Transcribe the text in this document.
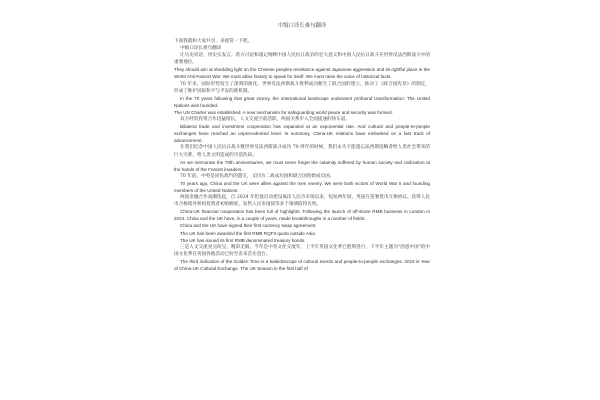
中级口译长难句翻译

下面我就和大家共享，来观赏一下吧。

中级口译长难句翻译

让历史说话，用史实发言。希方讨论和谨记阐释中国人民抗日战争的宏大意义和中国人民抗日战斗在世界反法西斯战斗中的重要地位。

They should aim at shedding light on the Chinese peoples resistance against Japanese aggression and its rightful place in the World Anti-Fascist War. We must allow history to speak for itself. We must raise the voice of historical facts.

70 年来，国际形势发生了深刻的演化。世界反法西斯战斗胜利成功催生了联合国的建立，推动了《联合国宪章》的制定，形成了维护国际和平与平安的新机制。

In the 70 years following that great victory, the international landscape underwent profound transformation: The United Nations was founded.

The UN Charter was established. A new mechanism for safeguarding world peace and security was formed.

双方经贸投资合作迅猛增长，人文交流空前活跃，两国关系步入全面提速的快车道。

Bilateral trade and investment cooperation has expanded at an exponential rate. And cultural and people-to-people exchanges have reached an unprecedented level. In summary, China-UK relations have embarked on a fast track of advancement.

在我们纪念中国人民抗日战斗暨世界反法西斯战斗成功 70 周年的时候，我们永失不能遗忘法西斯侵略者给人类社会带来的巨大灾难，给人类文明造成的空前浩劫。

As we memorate the 70th anniversaries, we must never forget the calamity suffered by human society and civilization at the hands of the Fascist invaders.

70 年前，中英是同仇敌忾的盟友，又同为二战成功国和联合国创始成员国。

70 years ago, China and the UK were allies against the men enemy. We were both victors of World War II and founding members of the United Nations.

两国金融合作高潮迭起，自 2024 年伦敦启动建设离岸人民币市场以来，短短两年间，英国在签署货币互换协议、获得人民币合格境外机构投资者初始额度、发售人民币国债等多个领域取得先机。

China-UK financial cooperation has been full of highlights. Following the launch of off-shore RMB business in London in 2024, China and the UK have, in a couple of years, made breakthroughs in a number of fields:

China and the UK have signed their first currency swap agreement.

The UK has been awarded the first RMB RQFII quota outside Asia.

The UK has issued its first RMB denominated treasury bonds.

三是人文交流亮点纷呈，精彩无限。今年是中英文化交流年，上半年英国文化季已胜利进行，下半年主题为"创意中国"的中国文化季在英国各地活动已纷至沓来首先登台。

The third indication of the Golden Time is a kaleidoscope of cultural events and people-to-people exchanges. 2024 is Year of China-UK Cultural Exchange. The UK Season in the first half of
